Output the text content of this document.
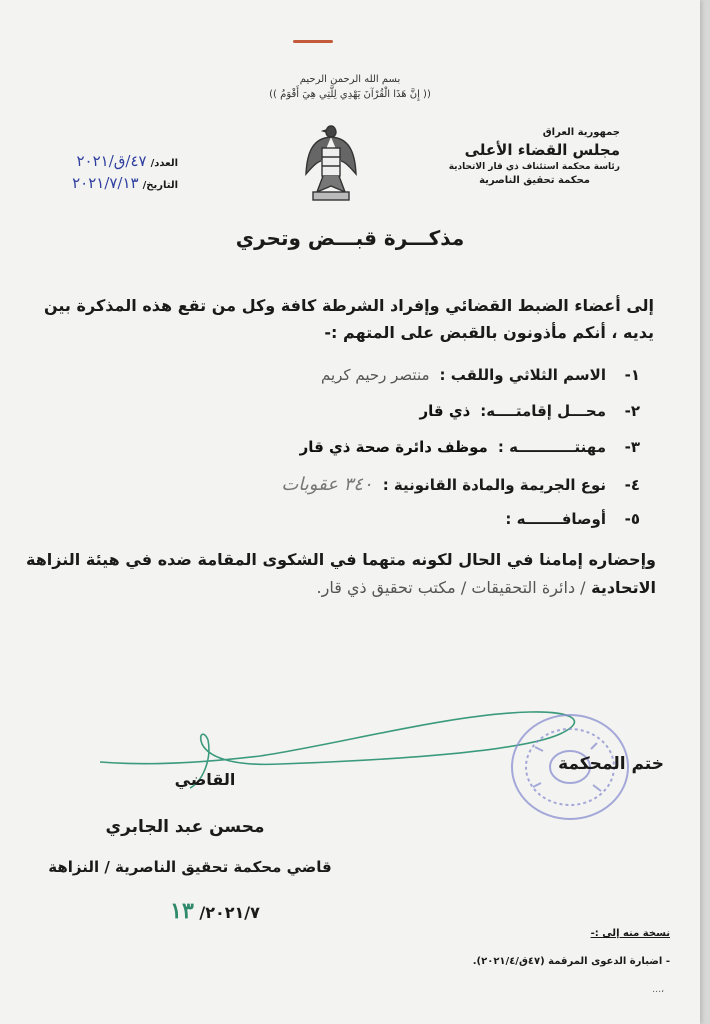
بسم الله الرحمن الرحيم
(( إِنَّ هَذَا الْقُرْآنَ يَهْدِي لِلَّتِي هِيَ أَقْوَمُ ))
جمهورية العراق
مجلس القضاء الأعلى
رئاسة محكمة استئناف ذي قار الاتحادية
محكمة تحقيق الناصرية
العدد/
٤٧/ق/٢٠٢١
التاريخ/
٢٠٢١/٧/١٣
مذكـــرة قبـــض وتحري
إلى أعضاء الضبط القضائي وإفراد الشرطة كافة وكل من تقع هذه المذكرة بين يديه ، أنكم مأذونون بالقبض على المتهم :-
١-
الاسم الثلاثي واللقب :
منتصر رحيم كريم
٢-
محـــل إقامتــــه:
ذي قار
٣-
مهنتـــــــــــه :
موظف دائرة صحة ذي قار
٤-
نوع الجريمة والمادة القانونية :
٣٤٠ عقوبات
٥-
أوصافـــــــه :
وإحضاره إمامنا في الحال لكونه متهما في الشكوى المقامة ضده في هيئة النزاهة الاتحادية / دائرة التحقيقات / مكتب تحقيق ذي قار.
ختم المحكمة
القاضي
محسن عبد الجابري
قاضي محكمة تحقيق الناصرية / النزاهة
٢٠٢١/٧/ ١٣
نسخة منه إلى :-
- اضبارة الدعوى المرقمة (٤٧ق/٢٠٢١/٤).
…،
